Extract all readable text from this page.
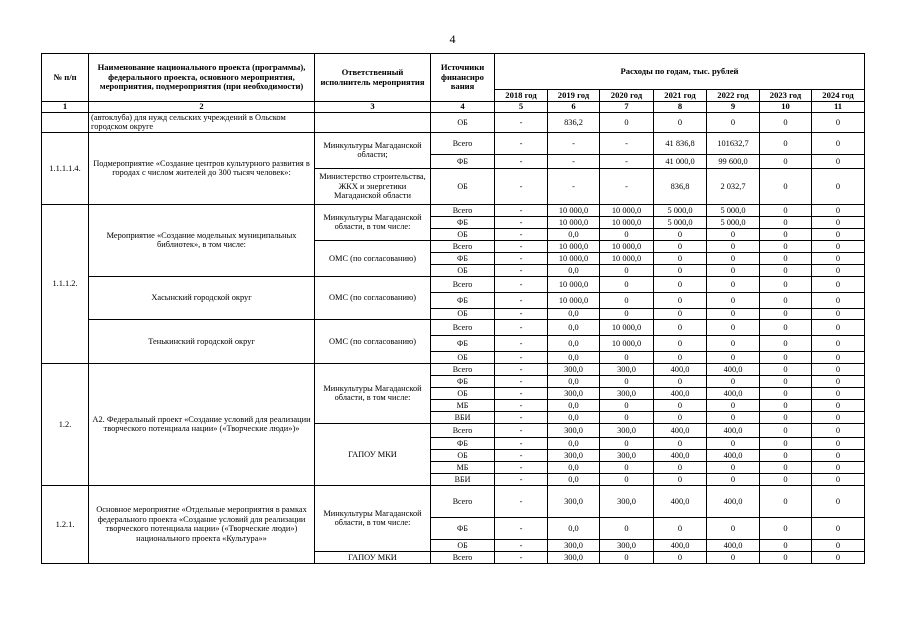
4
№ п/п	Наименование национального проекта (программы), федерального проекта, основного мероприятия, мероприятия, подмероприятия (при необходимости)	Ответственный исполнитель мероприятия	Источники финансиро вания	Расходы по годам, тыс. рублей						
				2018 год	2019 год	2020 год	2021 год	2022 год	2023 год	2024 год
1	2	3	4	5	6	7	8	9	10	11
	(автоклуба) для нужд сельских учреждений в Ольском городском округе		ОБ	-	836,2	0	0	0	0	0
1.1.1.1.4.	Подмероприятие «Создание центров культурного развития в городах с числом жителей до 300 тысяч человек»:	Минкультуры Магаданской области;	Всего	-	-	-	41 836,8	101632,7	0	0
			ФБ	-	-	-	41 000,0	99 600,0	0	0
		Министерство строительства, ЖКХ и энергетики Магаданской области	ОБ	-	-	-	836,8	2 032,7	0	0
1.1.1.2.	Мероприятие «Создание модельных муниципальных библиотек», в том числе:	Минкультуры Магаданской области, в том числе:	Всего	-	10 000,0	10 000,0	5 000,0	5 000,0	0	0
			ФБ	-	10 000,0	10 000,0	5 000,0	5 000,0	0	0
			ОБ	-	0,0	0	0	0	0	0
		ОМС (по согласованию)	Всего	-	10 000,0	10 000,0	0	0	0	0
			ФБ	-	10 000,0	10 000,0	0	0	0	0
			ОБ	-	0,0	0	0	0	0	0
	Хасынский городской округ	ОМС (по согласованию)	Всего	-	10 000,0	0	0	0	0	0
			ФБ	-	10 000,0	0	0	0	0	0
			ОБ	-	0,0	0	0	0	0	0
	Тенькинский городской округ	ОМС (по согласованию)	Всего	-	0,0	10 000,0	0	0	0	0
			ФБ	-	0,0	10 000,0	0	0	0	0
			ОБ	-	0,0	0	0	0	0	0
1.2.	А2. Федеральный проект «Создание условий для реализации творческого потенциала нации» («Творческие люди»)»	Минкультуры Магаданской области, в том числе:	Всего	-	300,0	300,0	400,0	400,0	0	0
			ФБ	-	0,0	0	0	0	0	0
			ОБ	-	300,0	300,0	400,0	400,0	0	0
			МБ	-	0,0	0	0	0	0	0
			ВБИ	-	0,0	0	0	0	0	0
		ГАПОУ МКИ	Всего	-	300,0	300,0	400,0	400,0	0	0
			ФБ	-	0,0	0	0	0	0	0
			ОБ	-	300,0	300,0	400,0	400,0	0	0
			МБ	-	0,0	0	0	0	0	0
			ВБИ	-	0,0	0	0	0	0	0
1.2.1.	Основное мероприятие «Отдельные мероприятия в рамках федерального проекта «Создание условий для реализации творческого потенциала нации» («Творческие люди») национального проекта «Культура»»	Минкультуры Магаданской области, в том числе:	Всего	-	300,0	300,0	400,0	400,0	0	0
			ФБ	-	0,0	0	0	0	0	0
			ОБ	-	300,0	300,0	400,0	400,0	0	0
		ГАПОУ МКИ	Всего	-	300,0	0	0	0	0	0
